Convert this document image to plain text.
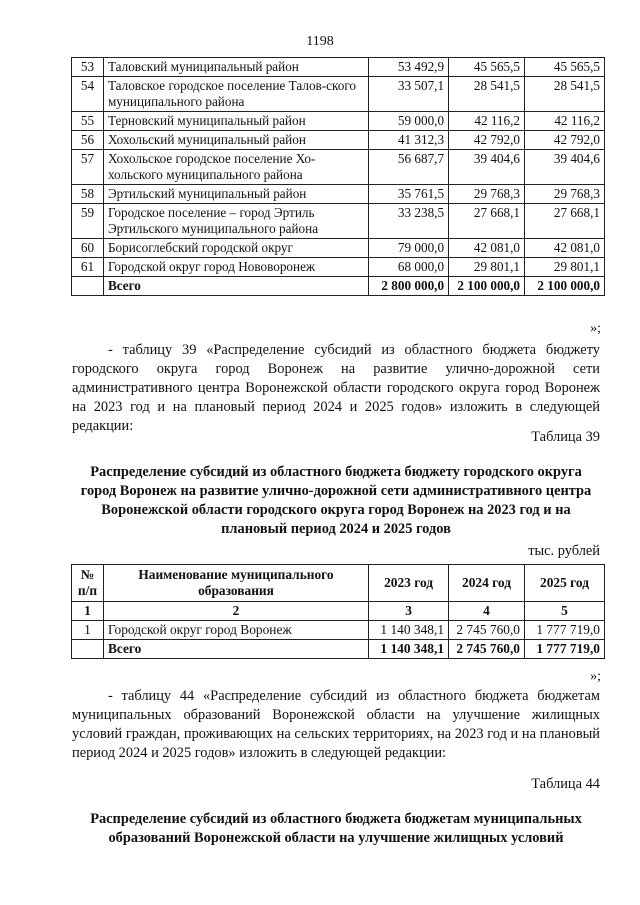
1198
53	Таловский муниципальный район	53 492,9	45 565,5	45 565,5
54	Таловское городское поселение Талов-ского муниципального района	33 507,1	28 541,5	28 541,5
55	Терновский муниципальный район	59 000,0	42 116,2	42 116,2
56	Хохольский муниципальный район	41 312,3	42 792,0	42 792,0
57	Хохольское городское поселение Хо-хольского муниципального района	56 687,7	39 404,6	39 404,6
58	Эртильский муниципальный район	35 761,5	29 768,3	29 768,3
59	Городское поселение – город Эртиль Эртильского муниципального района	33 238,5	27 668,1	27 668,1
60	Борисоглебский городской округ	79 000,0	42 081,0	42 081,0
61	Городской округ город Нововоронеж	68 000,0	29 801,1	29 801,1
	Всего	2 800 000,0	2 100 000,0	2 100 000,0
»;
- таблицу 39 «Распределение субсидий из областного бюджета бюджету городского округа город Воронеж на развитие улично-дорожной сети административного центра Воронежской области городского округа город Воронеж на 2023 год и на плановый период 2024 и 2025 годов» изложить в следующей редакции:
Таблица 39
Распределение субсидий из областного бюджета бюджету городского округа город Воронеж на развитие улично-дорожной сети административного центра Воронежской области городского округа город Воронеж на 2023 год и на плановый период 2024 и 2025 годов
тыс. рублей
№ п/п	Наименование муниципального образования	2023 год	2024 год	2025 год
1	2	3	4	5
1	Городской округ город Воронеж	1 140 348,1	2 745 760,0	1 777 719,0
	Всего	1 140 348,1	2 745 760,0	1 777 719,0
»;
- таблицу 44 «Распределение субсидий из областного бюджета бюджетам муниципальных образований Воронежской области на улучшение жилищных условий граждан, проживающих на сельских территориях, на 2023 год и на плановый период 2024 и 2025 годов» изложить в следующей редакции:
Таблица 44
Распределение субсидий из областного бюджета бюджетам муниципальных образований Воронежской области на улучшение жилищных условий
